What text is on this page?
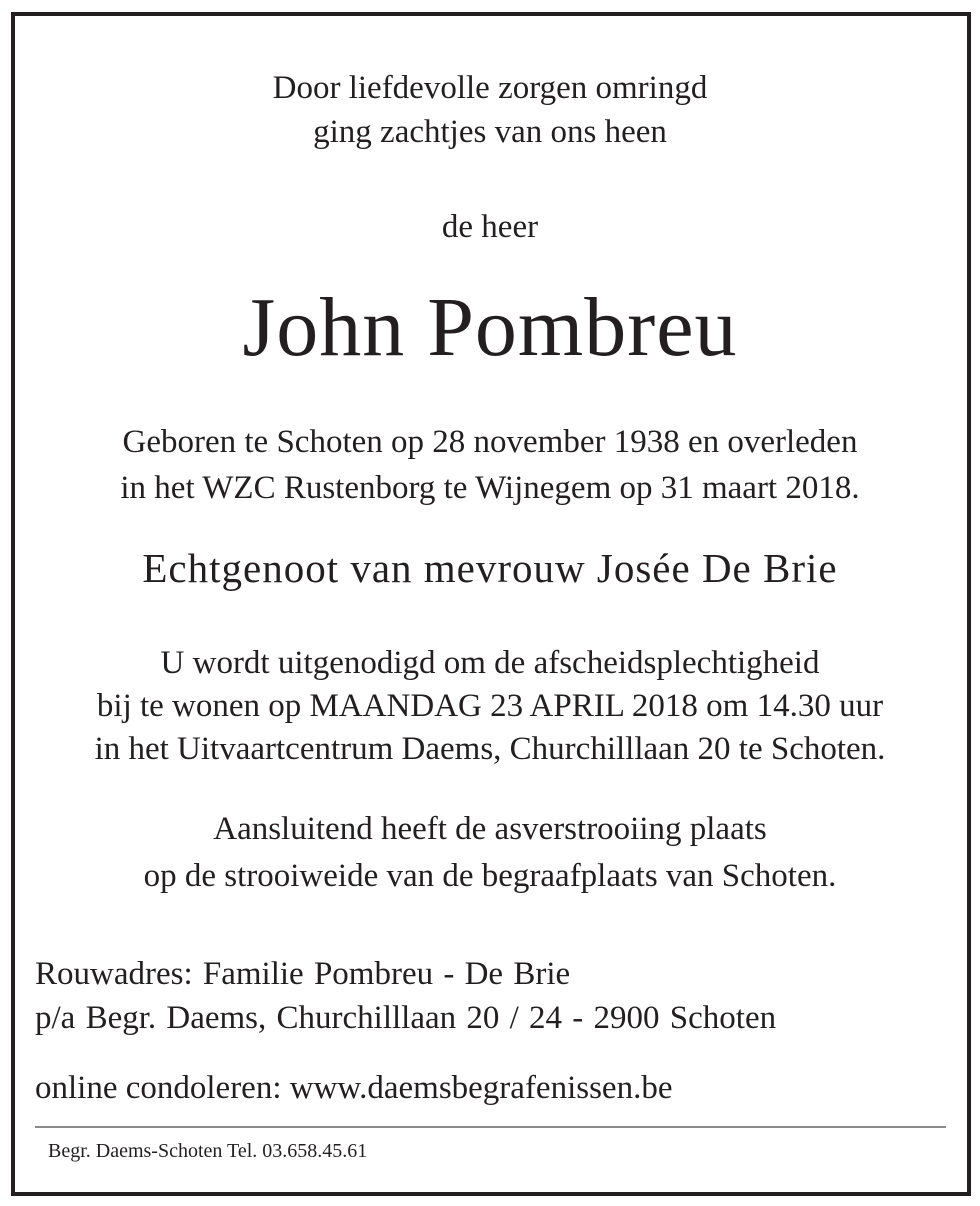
Door liefdevolle zorgen omringd
ging zachtjes van ons heen
de heer
John Pombreu
Geboren te Schoten op 28 november 1938 en overleden
in het WZC Rustenborg te Wijnegem op 31 maart 2018.
Echtgenoot van mevrouw Josée De Brie
U wordt uitgenodigd om de afscheidsplechtigheid
bij te wonen op MAANDAG 23 APRIL 2018 om 14.30 uur
in het Uitvaartcentrum Daems, Churchilllaan 20 te Schoten.
Aansluitend heeft de asverstrooiing plaats
op de strooiweide van de begraafplaats van Schoten.
Rouwadres: Familie Pombreu - De Brie
p/a Begr. Daems, Churchilllaan 20 / 24 - 2900 Schoten
online condoleren: www.daemsbegrafenissen.be
Begr. Daems-Schoten Tel. 03.658.45.61
